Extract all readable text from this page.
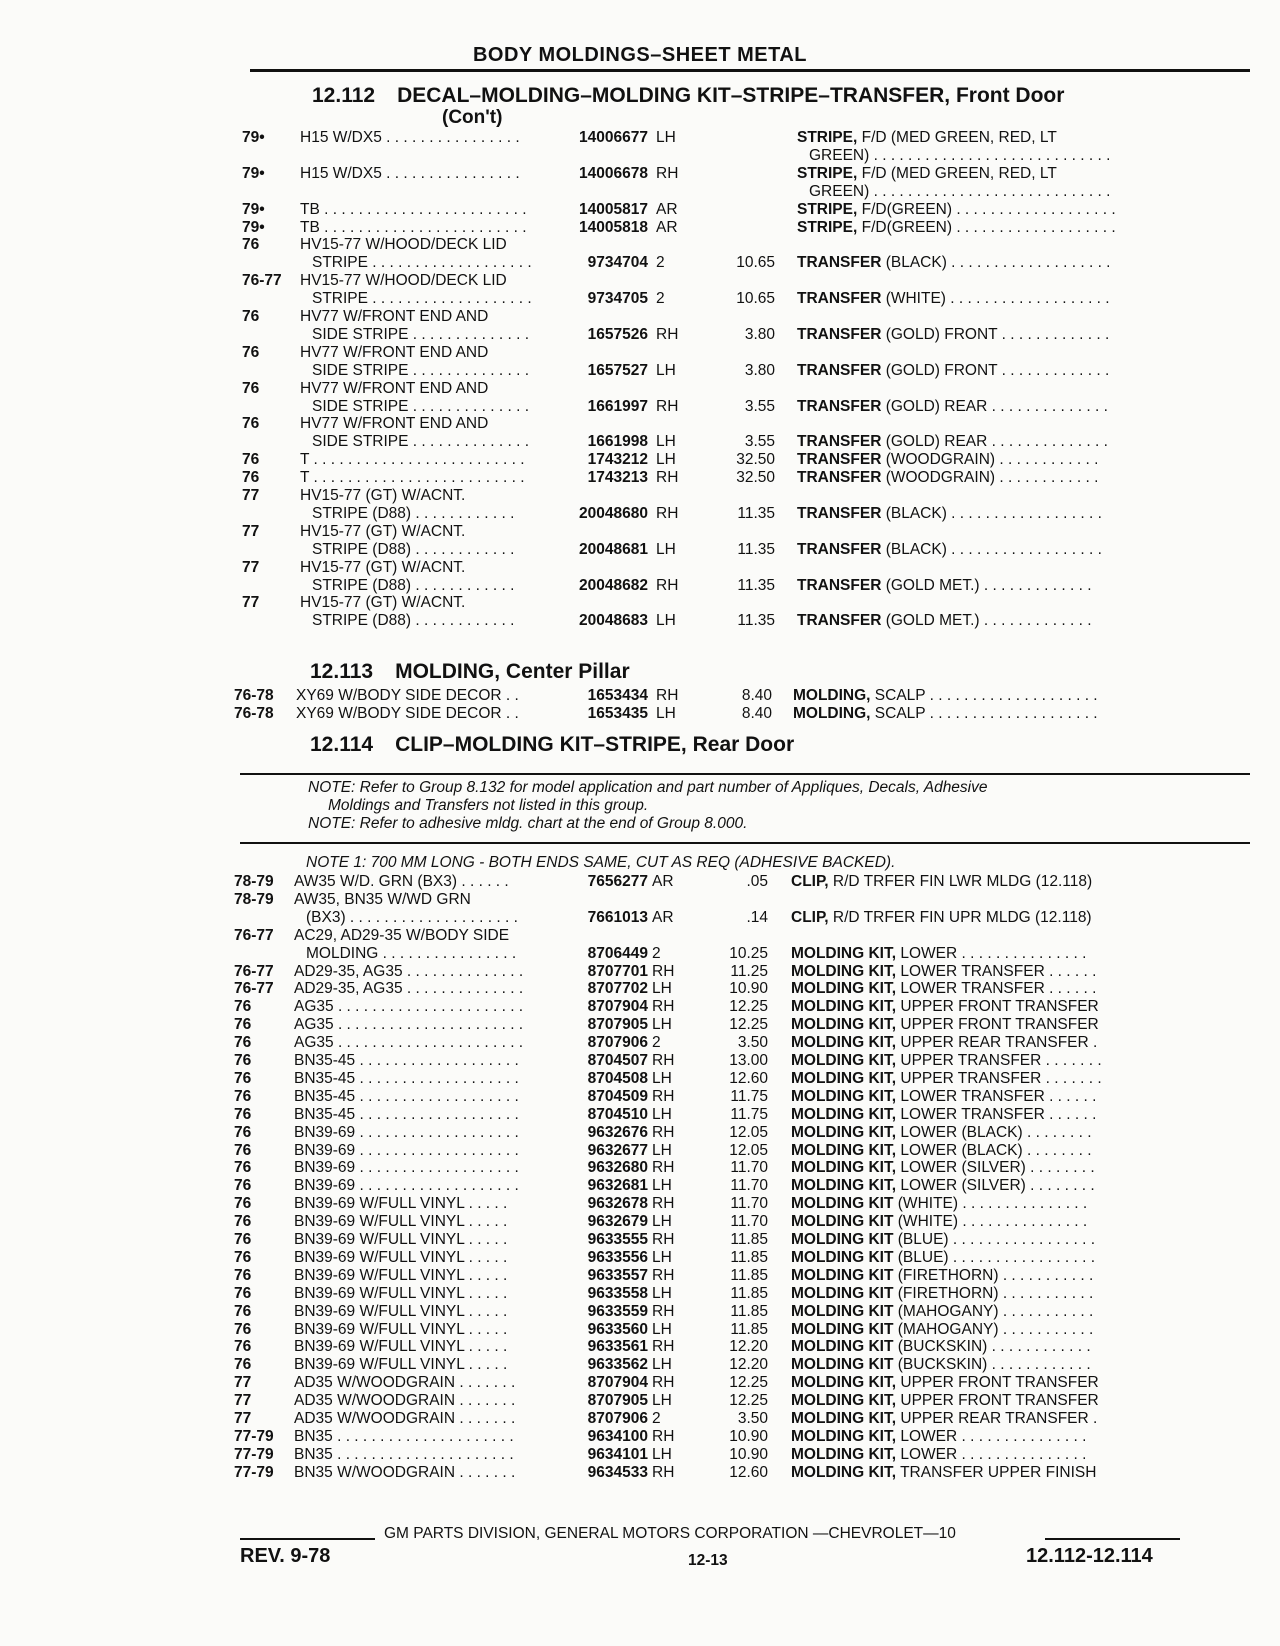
BODY MOLDINGS–SHEET METAL
12.112 DECAL–MOLDING–MOLDING KIT–STRIPE–TRANSFER, Front Door
(Con't)
79• H15 W/DX5 . . . . . . . . . . . . . . . .	14006677 LH	STRIPE, F/D (MED GREEN, RED, LT
GREEN) . . . . . . . . . . . . . . . . . . . . . . . . . . . .
79• H15 W/DX5 . . . . . . . . . . . . . . . .	14006678 RH	STRIPE, F/D (MED GREEN, RED, LT
GREEN) . . . . . . . . . . . . . . . . . . . . . . . . . . . .
79• TB . . . . . . . . . . . . . . . . . . . . . . . .	14005817 AR	STRIPE, F/D(GREEN) . . . . . . . . . . . . . . . . . . .
79• TB . . . . . . . . . . . . . . . . . . . . . . . .	14005818 AR	STRIPE, F/D(GREEN) . . . . . . . . . . . . . . . . . . .
76	HV15-77 W/HOOD/DECK LID
STRIPE . . . . . . . . . . . . . . . . . . .	9734704 2	10.65 TRANSFER (BLACK) . . . . . . . . . . . . . . . . . . .
76-77 HV15-77 W/HOOD/DECK LID
STRIPE . . . . . . . . . . . . . . . . . . .	9734705 2	10.65 TRANSFER (WHITE) . . . . . . . . . . . . . . . . . . .
76	HV77 W/FRONT END AND
SIDE STRIPE . . . . . . . . . . . . . .	1657526 RH	3.80 TRANSFER (GOLD) FRONT . . . . . . . . . . . . .
76	HV77 W/FRONT END AND
SIDE STRIPE . . . . . . . . . . . . . .	1657527 LH	3.80 TRANSFER (GOLD) FRONT . . . . . . . . . . . . .
76	HV77 W/FRONT END AND
SIDE STRIPE . . . . . . . . . . . . . .	1661997 RH	3.55 TRANSFER (GOLD) REAR . . . . . . . . . . . . . .
76	HV77 W/FRONT END AND
SIDE STRIPE . . . . . . . . . . . . . .	1661998 LH	3.55 TRANSFER (GOLD) REAR . . . . . . . . . . . . . .
76	T . . . . . . . . . . . . . . . . . . . . . . . . .	1743212 LH	32.50 TRANSFER (WOODGRAIN) . . . . . . . . . . . .
76	T . . . . . . . . . . . . . . . . . . . . . . . . .	1743213 RH	32.50 TRANSFER (WOODGRAIN) . . . . . . . . . . . .
77	HV15-77 (GT) W/ACNT.
STRIPE (D88) . . . . . . . . . . . .	20048680 RH	11.35 TRANSFER (BLACK) . . . . . . . . . . . . . . . . . .
77	HV15-77 (GT) W/ACNT.
STRIPE (D88) . . . . . . . . . . . .	20048681 LH	11.35 TRANSFER (BLACK) . . . . . . . . . . . . . . . . . .
77	HV15-77 (GT) W/ACNT.
STRIPE (D88) . . . . . . . . . . . .	20048682 RH	11.35 TRANSFER (GOLD MET.) . . . . . . . . . . . . .
77	HV15-77 (GT) W/ACNT.
STRIPE (D88) . . . . . . . . . . . .	20048683 LH	11.35 TRANSFER (GOLD MET.) . . . . . . . . . . . . .
12.113 MOLDING, Center Pillar
76-78 XY69 W/BODY SIDE DECOR . .	1653434 RH	8.40 MOLDING, SCALP . . . . . . . . . . . . . . . . . . . .
76-78 XY69 W/BODY SIDE DECOR . .	1653435 LH	8.40 MOLDING, SCALP . . . . . . . . . . . . . . . . . . . .
12.114 CLIP–MOLDING KIT–STRIPE, Rear Door
NOTE: Refer to Group 8.132 for model application and part number of Appliques, Decals, Adhesive
Moldings and Transfers not listed in this group.
NOTE: Refer to adhesive mldg. chart at the end of Group 8.000.
NOTE 1: 700 MM LONG - BOTH ENDS SAME, CUT AS REQ (ADHESIVE BACKED).
78-79 AW35 W/D. GRN (BX3) . . . . . .	7656277 AR	.05 CLIP, R/D TRFER FIN LWR MLDG (12.118)
78-79 AW35, BN35 W/WD GRN
(BX3) . . . . . . . . . . . . . . . . . . . .	7661013 AR	.14 CLIP, R/D TRFER FIN UPR MLDG (12.118)
76-77 AC29, AD29-35 W/BODY SIDE
MOLDING . . . . . . . . . . . . . . . .	8706449 2	10.25 MOLDING KIT, LOWER . . . . . . . . . . . . . . .
76-77 AD29-35, AG35 . . . . . . . . . . . . . .	8707701 RH	11.25 MOLDING KIT, LOWER TRANSFER . . . . . .
76-77 AD29-35, AG35 . . . . . . . . . . . . . .	8707702 LH	10.90 MOLDING KIT, LOWER TRANSFER . . . . . .
76	AG35 . . . . . . . . . . . . . . . . . . . . . .	8707904 RH	12.25 MOLDING KIT, UPPER FRONT TRANSFER
76	AG35 . . . . . . . . . . . . . . . . . . . . . .	8707905 LH	12.25 MOLDING KIT, UPPER FRONT TRANSFER
76	AG35 . . . . . . . . . . . . . . . . . . . . . .	8707906 2	3.50 MOLDING KIT, UPPER REAR TRANSFER .
76	BN35-45 . . . . . . . . . . . . . . . . . . .	8704507 RH	13.00 MOLDING KIT, UPPER TRANSFER . . . . . . .
76	BN35-45 . . . . . . . . . . . . . . . . . . .	8704508 LH	12.60 MOLDING KIT, UPPER TRANSFER . . . . . . .
76	BN35-45 . . . . . . . . . . . . . . . . . . .	8704509 RH	11.75 MOLDING KIT, LOWER TRANSFER . . . . . .
76	BN35-45 . . . . . . . . . . . . . . . . . . .	8704510 LH	11.75 MOLDING KIT, LOWER TRANSFER . . . . . .
76	BN39-69 . . . . . . . . . . . . . . . . . . .	9632676 RH	12.05 MOLDING KIT, LOWER (BLACK) . . . . . . . .
76	BN39-69 . . . . . . . . . . . . . . . . . . .	9632677 LH	12.05 MOLDING KIT, LOWER (BLACK) . . . . . . . .
76	BN39-69 . . . . . . . . . . . . . . . . . . .	9632680 RH	11.70 MOLDING KIT, LOWER (SILVER) . . . . . . . .
76	BN39-69 . . . . . . . . . . . . . . . . . . .	9632681 LH	11.70 MOLDING KIT, LOWER (SILVER) . . . . . . . .
76	BN39-69 W/FULL VINYL . . . . .	9632678 RH	11.70 MOLDING KIT (WHITE) . . . . . . . . . . . . . . .
76	BN39-69 W/FULL VINYL . . . . .	9632679 LH	11.70 MOLDING KIT (WHITE) . . . . . . . . . . . . . . .
76	BN39-69 W/FULL VINYL . . . . .	9633555 RH	11.85 MOLDING KIT (BLUE) . . . . . . . . . . . . . . . . .
76	BN39-69 W/FULL VINYL . . . . .	9633556 LH	11.85 MOLDING KIT (BLUE) . . . . . . . . . . . . . . . . .
76	BN39-69 W/FULL VINYL . . . . .	9633557 RH	11.85 MOLDING KIT (FIRETHORN) . . . . . . . . . . .
76	BN39-69 W/FULL VINYL . . . . .	9633558 LH	11.85 MOLDING KIT (FIRETHORN) . . . . . . . . . . .
76	BN39-69 W/FULL VINYL . . . . .	9633559 RH	11.85 MOLDING KIT (MAHOGANY) . . . . . . . . . . .
76	BN39-69 W/FULL VINYL . . . . .	9633560 LH	11.85 MOLDING KIT (MAHOGANY) . . . . . . . . . . .
76	BN39-69 W/FULL VINYL . . . . .	9633561 RH	12.20 MOLDING KIT (BUCKSKIN) . . . . . . . . . . . .
76	BN39-69 W/FULL VINYL . . . . .	9633562 LH	12.20 MOLDING KIT (BUCKSKIN) . . . . . . . . . . . .
77	AD35 W/WOODGRAIN . . . . . . .	8707904 RH	12.25 MOLDING KIT, UPPER FRONT TRANSFER
77	AD35 W/WOODGRAIN . . . . . . .	8707905 LH	12.25 MOLDING KIT, UPPER FRONT TRANSFER
77	AD35 W/WOODGRAIN . . . . . . .	8707906 2	3.50 MOLDING KIT, UPPER REAR TRANSFER .
77-79 BN35 . . . . . . . . . . . . . . . . . . . . .	9634100 RH	10.90 MOLDING KIT, LOWER . . . . . . . . . . . . . . .
77-79 BN35 . . . . . . . . . . . . . . . . . . . . .	9634101 LH	10.90 MOLDING KIT, LOWER . . . . . . . . . . . . . . .
77-79 BN35 W/WOODGRAIN . . . . . . .	9634533 RH	12.60 MOLDING KIT, TRANSFER UPPER FINISH
GM PARTS DIVISION, GENERAL MOTORS CORPORATION —CHEVROLET—10
REV. 9-78	12-13	12.112-12.114
